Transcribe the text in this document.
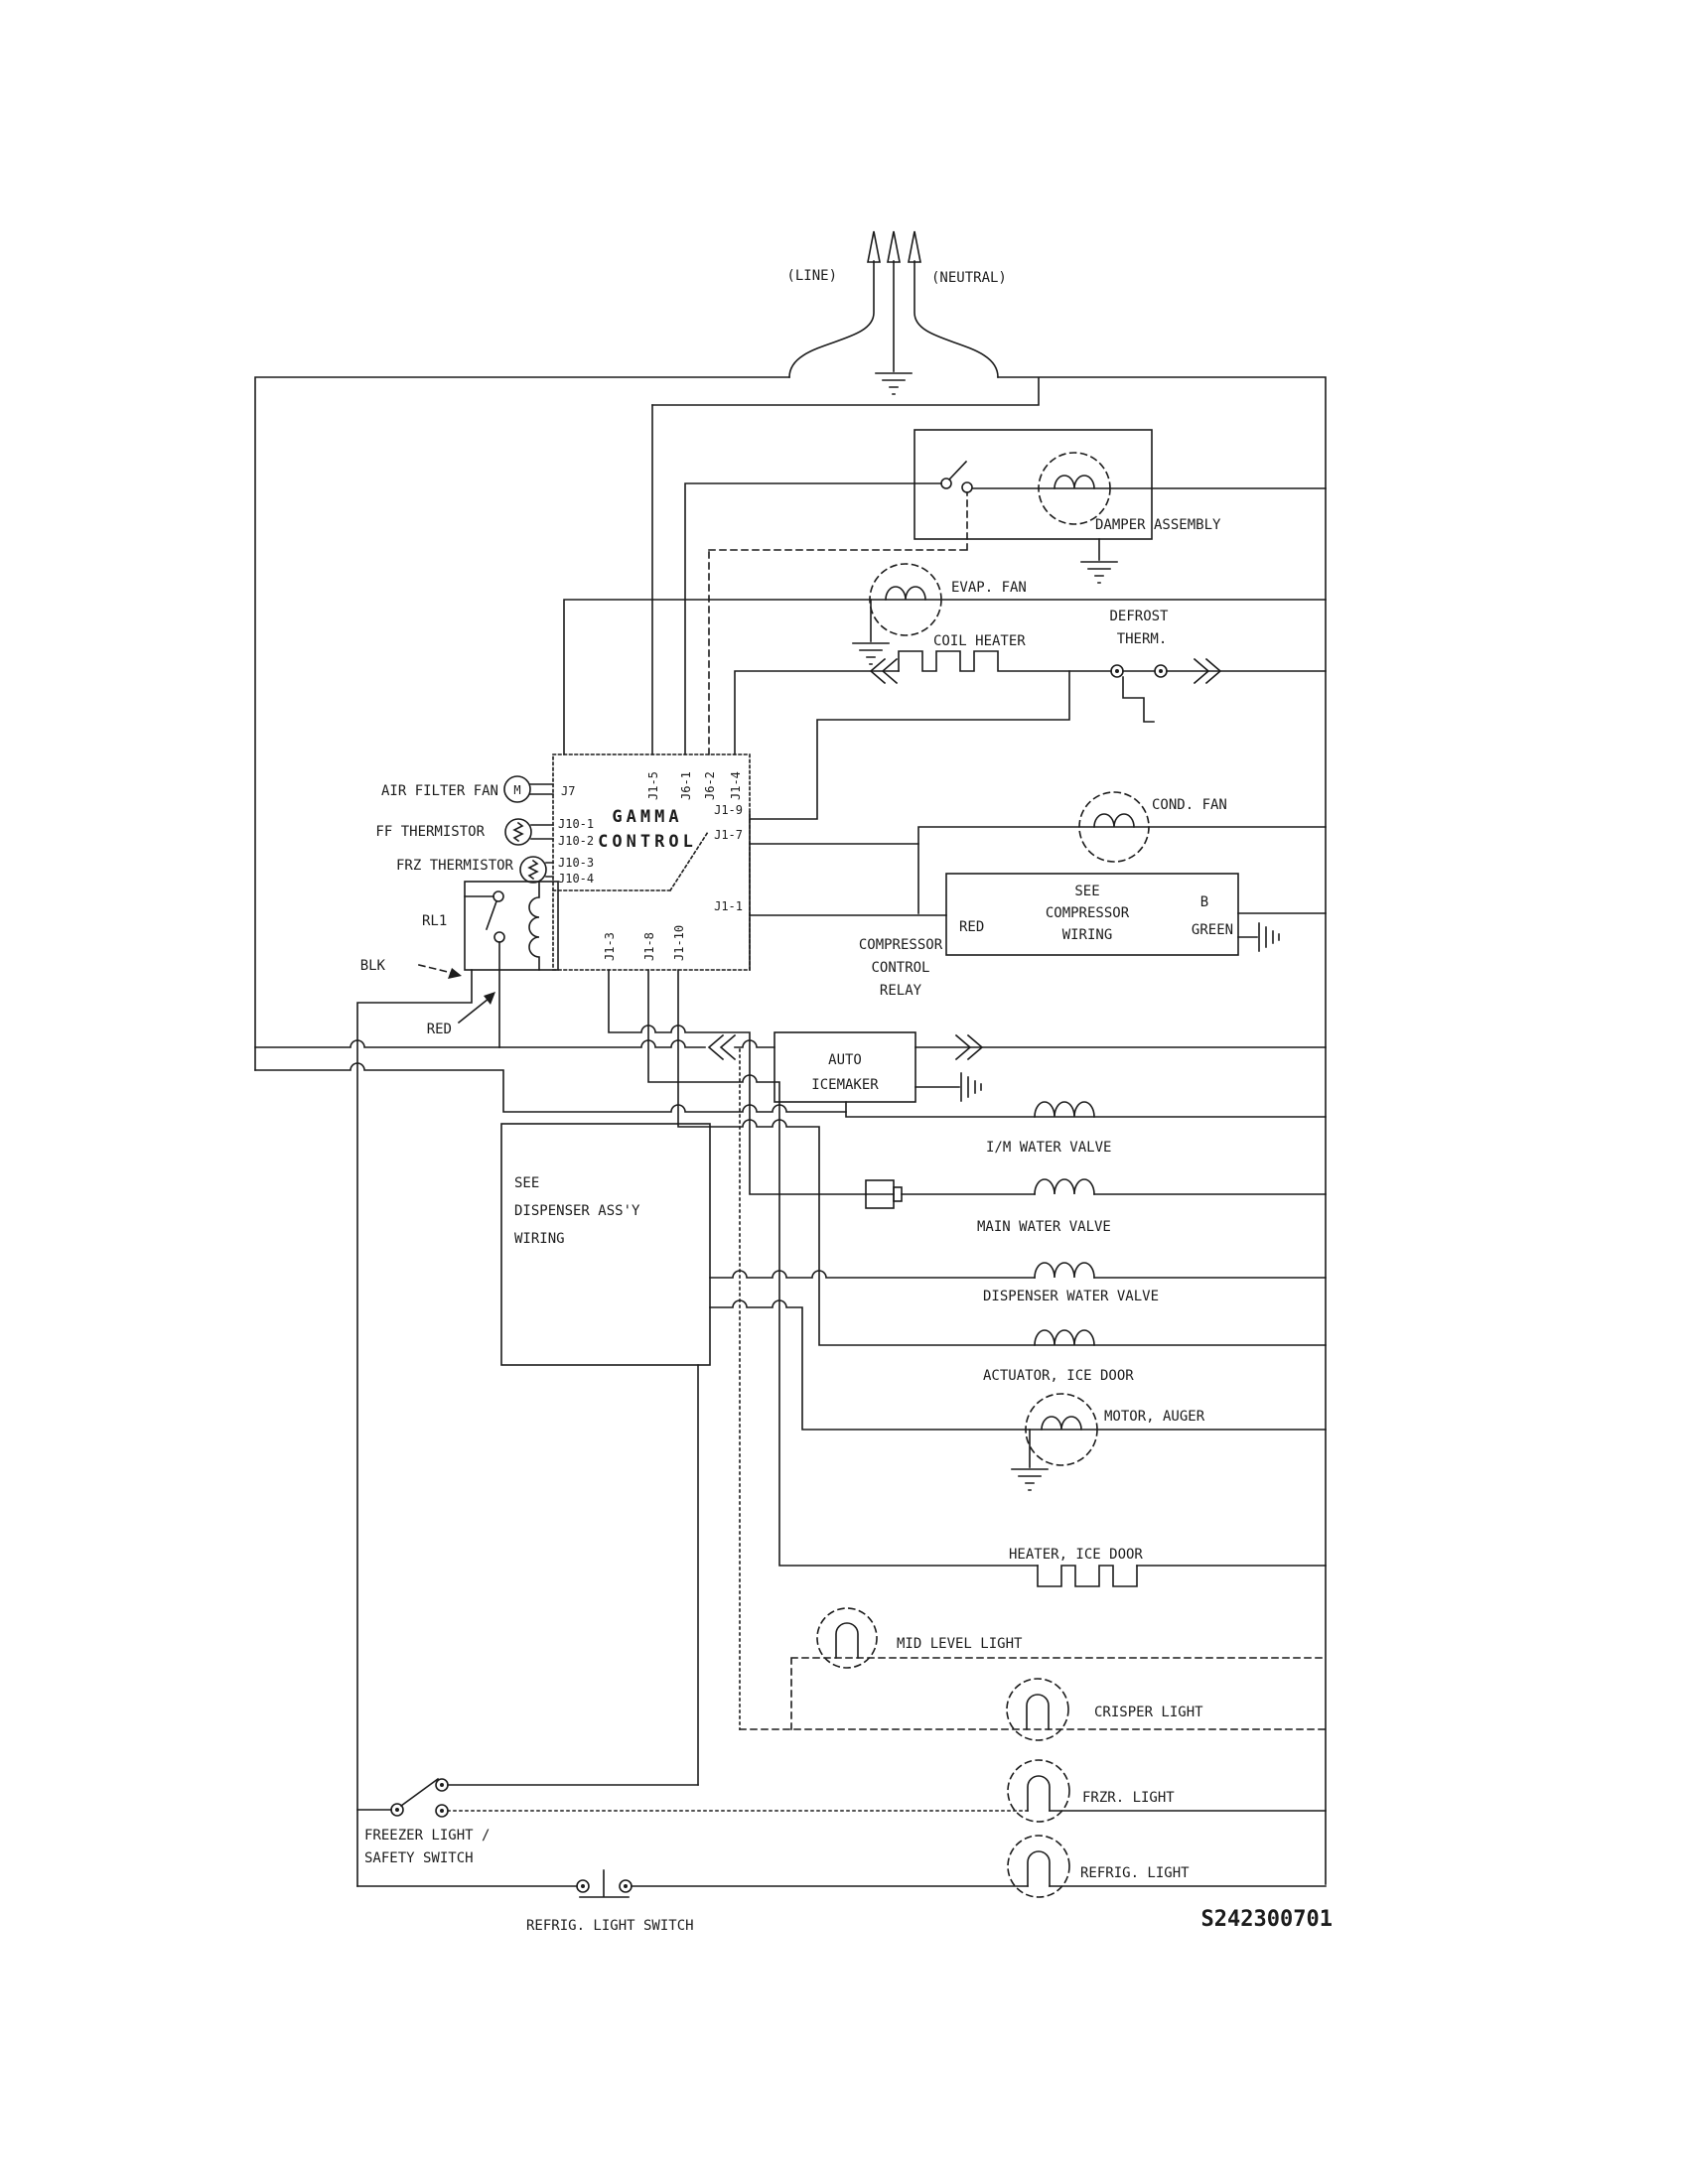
(LINE)	(NEUTRAL)
DAMPER ASSEMBLY
EVAP. FAN
COIL HEATER
DEFROST
THERM.
GAMMA
CONTROL
J1-5 J6-1 J6-2 J1-4
J1-9
J1-7
J1-1
J1-3 J1-8 J1-10
M
AIR FILTER FAN	J7
FF THERMISTOR	J10-1
J10-2
FRZ THERMISTOR	J10-3
J10-4
RL1
BLK
RED
COND. FAN
SEE
COMPRESSOR
WIRING
RED
B
GREEN
COMPRESSOR
CONTROL
RELAY
AUTO
ICEMAKER
I/M WATER VALVE
MAIN WATER VALVE
DISPENSER WATER VALVE
SEE
DISPENSER ASS'Y
WIRING
ACTUATOR, ICE DOOR
MOTOR, AUGER
HEATER, ICE DOOR
MID LEVEL LIGHT
CRISPER LIGHT
FRZR. LIGHT
REFRIG. LIGHT
FREEZER LIGHT /
SAFETY SWITCH
REFRIG. LIGHT SWITCH	S242300701
